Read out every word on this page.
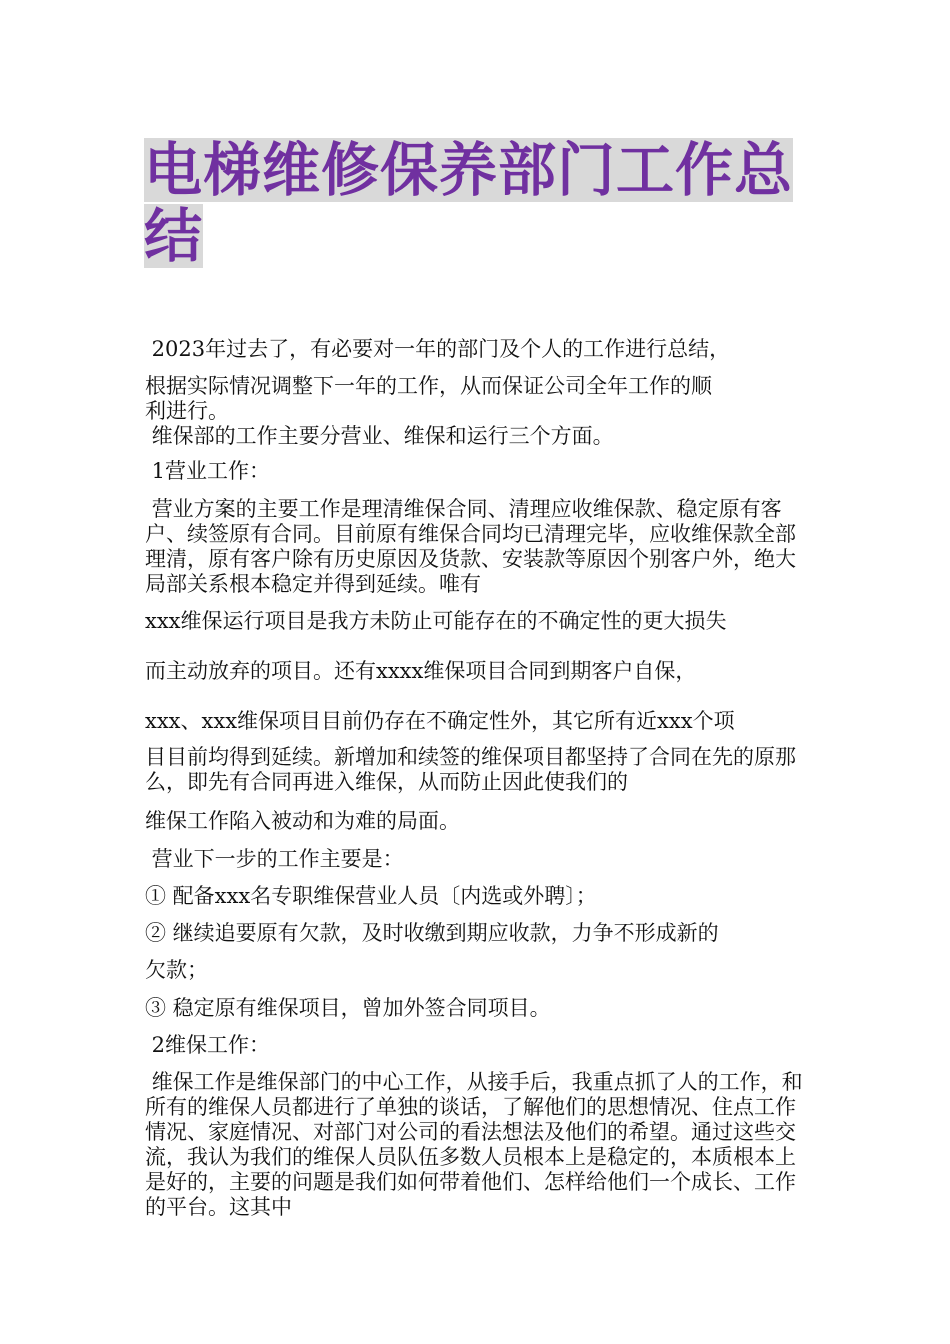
电梯维修保养部门工作总
结
2023年过去了，有必要对一年的部门及个人的工作进行总结，
根据实际情况调整下一年的工作，从而保证公司全年工作的顺
利进行。
维保部的工作主要分营业、维保和运行三个方面。
1营业工作：
营业方案的主要工作是理清维保合同、清理应收维保款、稳定原有客户、续签原有合同。目前原有维保合同均已清理完毕，应收维保款全部理清，原有客户除有历史原因及货款、安装款等原因个别客户外，绝大局部关系根本稳定并得到延续。唯有
xxx维保运行项目是我方未防止可能存在的不确定性的更大损失
而主动放弃的项目。还有xxxx维保项目合同到期客户自保，
xxx、xxx维保项目目前仍存在不确定性外，其它所有近xxx个项
目目前均得到延续。新增加和续签的维保项目都坚持了合同在先的原那么，即先有合同再进入维保，从而防止因此使我们的
维保工作陷入被动和为难的局面。
营业下一步的工作主要是：
① 配备xxx名专职维保营业人员〔内选或外聘〕；
② 继续追要原有欠款，及时收缴到期应收款，力争不形成新的
欠款；
③ 稳定原有维保项目，曾加外签合同项目。
2维保工作：
维保工作是维保部门的中心工作，从接手后，我重点抓了人的工作，和所有的维保人员都进行了单独的谈话，了解他们的思想情况、住点工作情况、家庭情况、对部门对公司的看法想法及他们的希望。通过这些交流，我认为我们的维保人员队伍多数人员根本上是稳定的，本质根本上是好的，主要的问题是我们如何带着他们、怎样给他们一个成长、工作的平台。这其中
